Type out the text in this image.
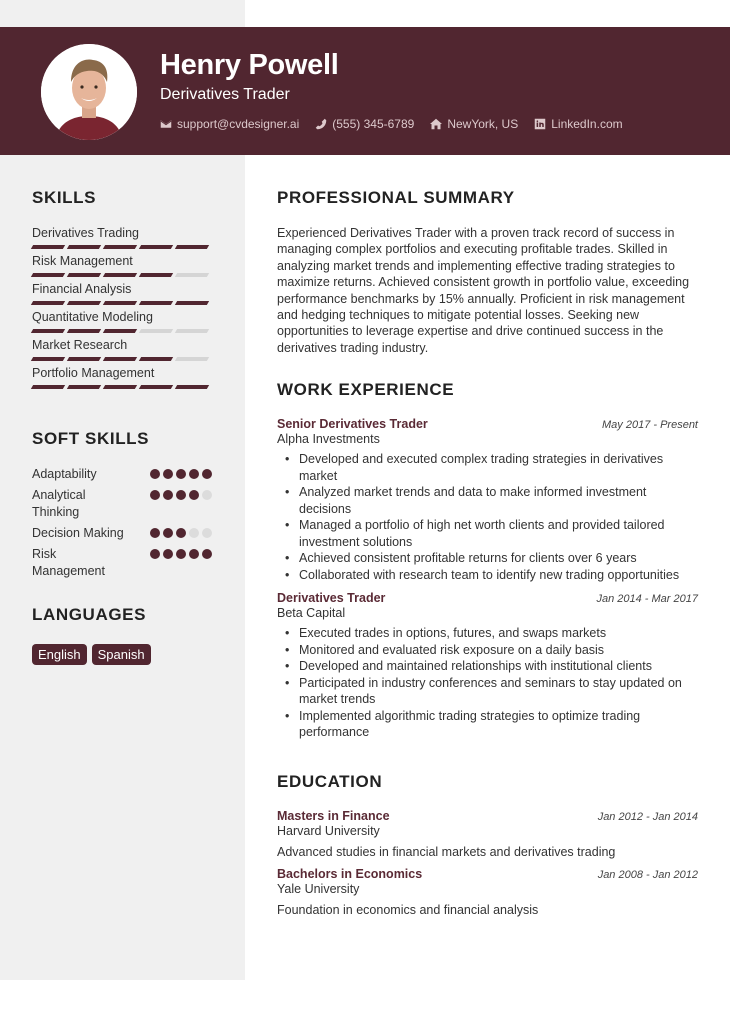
Henry Powell
Derivatives Trader
support@cvdesigner.ai	(555) 345-6789	NewYork, US	LinkedIn.com
SKILLS
Derivatives Trading
Risk Management
Financial Analysis
Quantitative Modeling
Market Research
Portfolio Management
SOFT SKILLS
Adaptability
Analytical Thinking
Decision Making
Risk Management
LANGUAGES
English	Spanish
PROFESSIONAL SUMMARY

Experienced Derivatives Trader with a proven track record of success in managing complex portfolios and executing profitable trades. Skilled in analyzing market trends and implementing effective trading strategies to maximize returns. Achieved consistent growth in portfolio value, exceeding performance benchmarks by 15% annually. Proficient in risk management and hedging techniques to mitigate potential losses. Seeking new opportunities to leverage expertise and drive continued success in the derivatives trading industry.

WORK EXPERIENCE
Senior Derivatives Trader	May 2017 - Present
Alpha Investments
• Developed and executed complex trading strategies in derivatives market
• Analyzed market trends and data to make informed investment decisions
• Managed a portfolio of high net worth clients and provided tailored investment solutions
• Achieved consistent profitable returns for clients over 6 years
• Collaborated with research team to identify new trading opportunities
Derivatives Trader	Jan 2014 - Mar 2017
Beta Capital
• Executed trades in options, futures, and swaps markets
• Monitored and evaluated risk exposure on a daily basis
• Developed and maintained relationships with institutional clients
• Participated in industry conferences and seminars to stay updated on market trends
• Implemented algorithmic trading strategies to optimize trading performance
EDUCATION
Masters in Finance	Jan 2012 - Jan 2014
Harvard University
Advanced studies in financial markets and derivatives trading
Bachelors in Economics	Jan 2008 - Jan 2012
Yale University
Foundation in economics and financial analysis
